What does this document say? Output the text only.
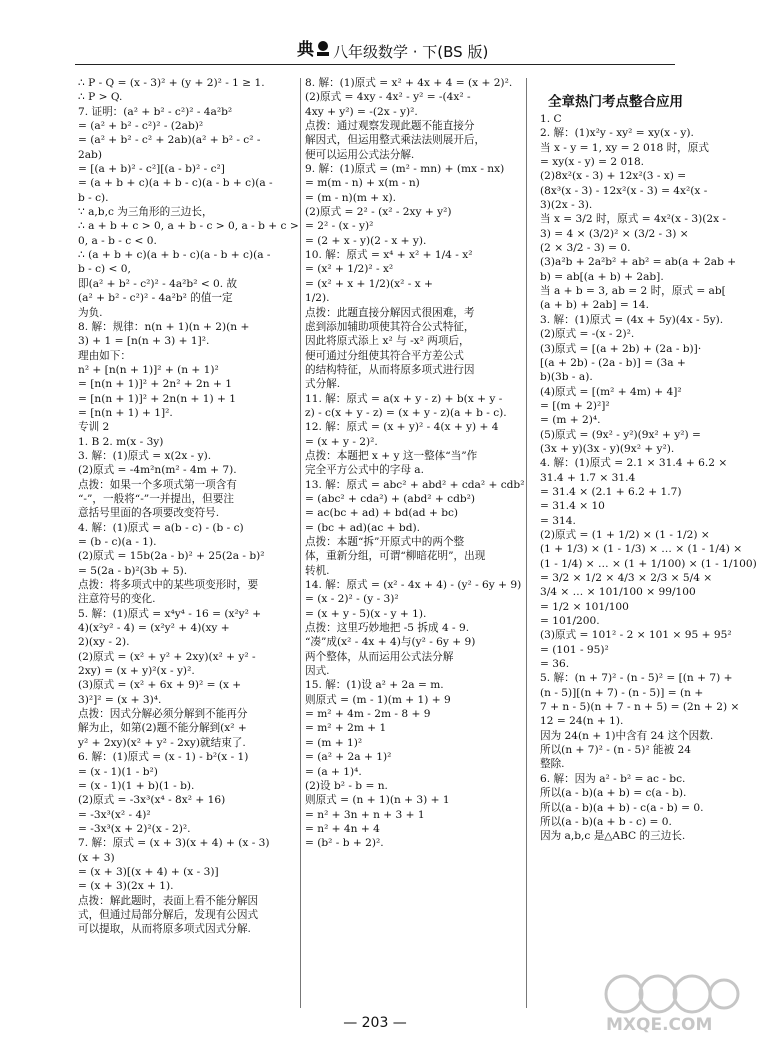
典 八年级数学 · 下(BS 版)
∴ P - Q = (x - 3)² + (y + 2)² - 1 ≥ 1.
∴ P > Q.
7. 证明：(a² + b² - c²)² - 4a²b²
= (a² + b² - c²)² - (2ab)²
= (a² + b² - c² + 2ab)(a² + b² - c² -
2ab)
= [(a + b)² - c²][(a - b)² - c²]
= (a + b + c)(a + b - c)(a - b + c)(a -
b - c).
∵ a,b,c 为三角形的三边长，
∴ a + b + c > 0, a + b - c > 0, a - b + c >
0, a - b - c < 0.
∴ (a + b + c)(a + b - c)(a - b + c)(a -
b - c) < 0,
即(a² + b² - c²)² - 4a²b² < 0. 故
(a² + b² - c²)² - 4a²b² 的值一定
为负.
8. 解：规律：n(n + 1)(n + 2)(n +
3) + 1 = [n(n + 3) + 1]².
理由如下：
n² + [n(n + 1)]² + (n + 1)²
= [n(n + 1)]² + 2n² + 2n + 1
= [n(n + 1)]² + 2n(n + 1) + 1
= [n(n + 1) + 1]².
专训 2
1. B 2. m(x - 3y)
3. 解：(1)原式 = x(2x - y).
(2)原式 = -4m²n(m² - 4m + 7).
点拨：如果一个多项式第一项含有
“-”，一般将“-”一并提出，但要注
意括号里面的各项要改变符号.
4. 解：(1)原式 = a(b - c) - (b - c)
= (b - c)(a - 1).
(2)原式 = 15b(2a - b)² + 25(2a - b)²
= 5(2a - b)²(3b + 5).
点拨：将多项式中的某些项变形时，要
注意符号的变化.
5. 解：(1)原式 = x⁴y⁴ - 16 = (x²y² +
4)(x²y² - 4) = (x²y² + 4)(xy +
2)(xy - 2).
(2)原式 = (x² + y² + 2xy)(x² + y² -
2xy) = (x + y)²(x - y)².
(3)原式 = (x² + 6x + 9)² = (x +
3)²]² = (x + 3)⁴.
点拨：因式分解必须分解到不能再分
解为止，如第(2)题不能分解到(x² +
y² + 2xy)(x² + y² - 2xy)就结束了.
6. 解：(1)原式 = (x - 1) - b²(x - 1)
= (x - 1)(1 - b²)
= (x - 1)(1 + b)(1 - b).
(2)原式 = -3x³(x⁴ - 8x² + 16)
= -3x³(x² - 4)²
= -3x³(x + 2)²(x - 2)².
7. 解：原式 = (x + 3)(x + 4) + (x - 3)
(x + 3)
= (x + 3)[(x + 4) + (x - 3)]
= (x + 3)(2x + 1).
点拨：解此题时，表面上看不能分解因
式，但通过局部分解后，发现有公因式
可以提取，从而将原多项式因式分解.
8. 解：(1)原式 = x² + 4x + 4 = (x + 2)².
(2)原式 = 4xy - 4x² - y² = -(4x² -
4xy + y²) = -(2x - y)².
点拨：通过观察发现此题不能直接分
解因式，但运用整式乘法法则展开后，
便可以运用公式法分解.
9. 解：(1)原式 = (m² - mn) + (mx - nx)
= m(m - n) + x(m - n)
= (m - n)(m + x).
(2)原式 = 2² - (x² - 2xy + y²)
= 2² - (x - y)²
= (2 + x - y)(2 - x + y).
10. 解：原式 = x⁴ + x² + 1/4 - x²
= (x² + 1/2)² - x²
= (x² + x + 1/2)(x² - x +
1/2).
点拨：此题直接分解因式很困难，考
虑到添加辅助项使其符合公式特征，
因此将原式添上 x² 与 -x² 两项后，
便可通过分组使其符合平方差公式
的结构特征，从而将原多项式进行因
式分解.
11. 解：原式 = a(x + y - z) + b(x + y -
z) - c(x + y - z) = (x + y - z)(a + b - c).
12. 解：原式 = (x + y)² - 4(x + y) + 4
= (x + y - 2)².
点拨：本题把 x + y 这一整体“当”作
完全平方公式中的字母 a.
13. 解：原式 = abc² + abd² + cda² + cdb²
= (abc² + cda²) + (abd² + cdb²)
= ac(bc + ad) + bd(ad + bc)
= (bc + ad)(ac + bd).
点拨：本题“拆”开原式中的两个整
体，重新分组，可谓“柳暗花明”，出现
转机.
14. 解：原式 = (x² - 4x + 4) - (y² - 6y + 9)
= (x - 2)² - (y - 3)²
= (x + y - 5)(x - y + 1).
点拨：这里巧妙地把 -5 拆成 4 - 9.
“凑”成(x² - 4x + 4)与(y² - 6y + 9)
两个整体，从而运用公式法分解
因式.
15. 解：(1)设 a² + 2a = m.
则原式 = (m - 1)(m + 1) + 9
= m² + 4m - 2m - 8 + 9
= m² + 2m + 1
= (m + 1)²
= (a² + 2a + 1)²
= (a + 1)⁴.
(2)设 b² - b = n.
则原式 = (n + 1)(n + 3) + 1
= n² + 3n + n + 3 + 1
= n² + 4n + 4
= (b² - b + 2)².
全章热门考点整合应用
1. C
2. 解：(1)x²y - xy² = xy(x - y).
当 x - y = 1, xy = 2 018 时，原式
= xy(x - y) = 2 018.
(2)8x²(x - 3) + 12x²(3 - x) =
(8x³(x - 3) - 12x²(x - 3) = 4x²(x -
3)(2x - 3).
当 x = 3/2 时，原式 = 4x²(x - 3)(2x -
3) = 4 × (3/2)² × (3/2 - 3) ×
(2 × 3/2 - 3) = 0.
(3)a²b + 2a²b² + ab² = ab(a + 2ab +
b) = ab[(a + b) + 2ab].
当 a + b = 3, ab = 2 时，原式 = ab[
(a + b) + 2ab] = 14.
3. 解：(1)原式 = (4x + 5y)(4x - 5y).
(2)原式 = -(x - 2)².
(3)原式 = [(a + 2b) + (2a - b)]·
[(a + 2b) - (2a - b)] = (3a +
b)(3b - a).
(4)原式 = [(m² + 4m) + 4]²
= [(m + 2)²]²
= (m + 2)⁴.
(5)原式 = (9x² - y²)(9x² + y²) =
(3x + y)(3x - y)(9x² + y²).
4. 解：(1)原式 = 2.1 × 31.4 + 6.2 ×
31.4 + 1.7 × 31.4
= 31.4 × (2.1 + 6.2 + 1.7)
= 31.4 × 10
= 314.
(2)原式 = (1 + 1/2) × (1 - 1/2) ×
(1 + 1/3) × (1 - 1/3) × … × (1 - 1/4) ×
(1 - 1/4) × … × (1 + 1/100) × (1 - 1/100)
= 3/2 × 1/2 × 4/3 × 2/3 × 5/4 ×
3/4 × … × 101/100 × 99/100
= 1/2 × 101/100
= 101/200.
(3)原式 = 101² - 2 × 101 × 95 + 95²
= (101 - 95)²
= 36.
5. 解：(n + 7)² - (n - 5)² = [(n + 7) +
(n - 5)][(n + 7) - (n - 5)] = (n +
7 + n - 5)(n + 7 - n + 5) = (2n + 2) ×
12 = 24(n + 1).
因为 24(n + 1)中含有 24 这个因数.
所以(n + 7)² - (n - 5)² 能被 24
整除.
6. 解：因为 a² - b² = ac - bc.
所以(a - b)(a + b) = c(a - b).
所以(a - b)(a + b) - c(a - b) = 0.
所以(a - b)(a + b - c) = 0.
因为 a,b,c 是△ABC 的三边长.
— 203 —	MXQE.COM
